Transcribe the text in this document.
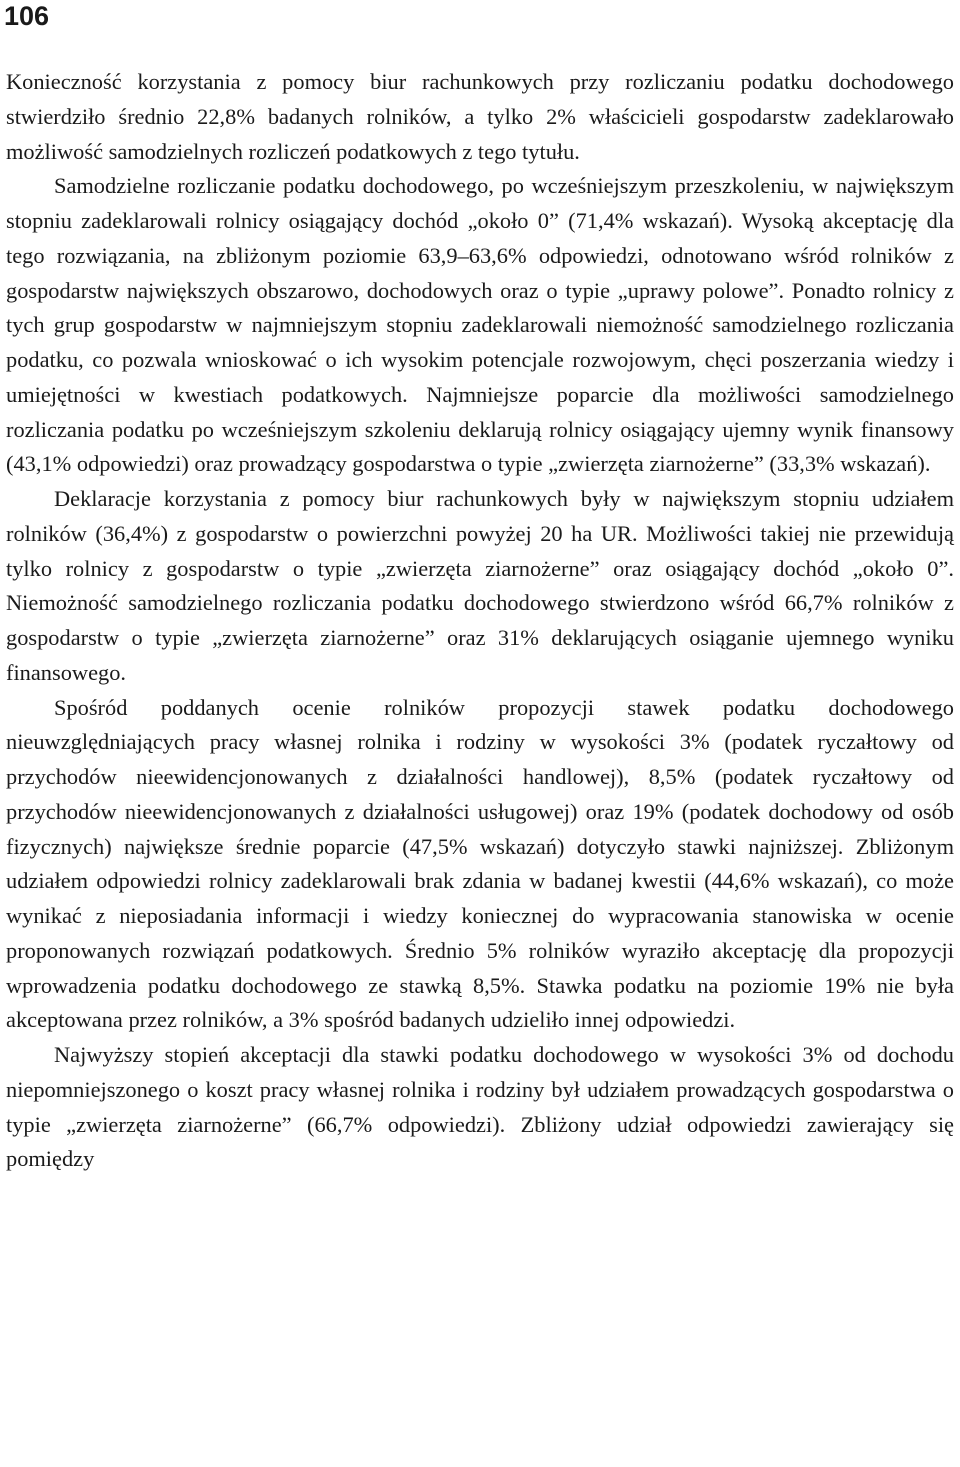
106

Konieczność korzystania z pomocy biur rachunkowych przy rozliczaniu podatku dochodowego stwierdziło średnio 22,8% badanych rolników, a tylko 2% właścicieli gospodarstw zadeklarowało możliwość samodzielnych rozliczeń podatkowych z tego tytułu.

Samodzielne rozliczanie podatku dochodowego, po wcześniejszym przeszkoleniu, w największym stopniu zadeklarowali rolnicy osiągający dochód „około 0” (71,4% wskazań). Wysoką akceptację dla tego rozwiązania, na zbliżonym poziomie 63,9–63,6% odpowiedzi, odnotowano wśród rolników z gospodarstw największych obszarowo, dochodowych oraz o typie „uprawy polowe”. Ponadto rolnicy z tych grup gospodarstw w najmniejszym stopniu zadeklarowali niemożność samodzielnego rozliczania podatku, co pozwala wnioskować o ich wysokim potencjale rozwojowym, chęci poszerzania wiedzy i umiejętności w kwestiach podatkowych. Najmniejsze poparcie dla możliwości samodzielnego rozliczania podatku po wcześniejszym szkoleniu deklarują rolnicy osiągający ujemny wynik finansowy (43,1% odpowiedzi) oraz prowadzący gospodarstwa o typie „zwierzęta ziarnożerne” (33,3% wskazań).

Deklaracje korzystania z pomocy biur rachunkowych były w największym stopniu udziałem rolników (36,4%) z gospodarstw o powierzchni powyżej 20 ha UR. Możliwości takiej nie przewidują tylko rolnicy z gospodarstw o typie „zwierzęta ziarnożerne” oraz osiągający dochód „około 0”. Niemożność samodzielnego rozliczania podatku dochodowego stwierdzono wśród 66,7% rolników z gospodarstw o typie „zwierzęta ziarnożerne” oraz 31% deklarujących osiąganie ujemnego wyniku finansowego.

Spośród poddanych ocenie rolników propozycji stawek podatku dochodowego nieuwzględniających pracy własnej rolnika i rodziny w wysokości 3% (podatek ryczałtowy od przychodów nieewidencjonowanych z działalności handlowej), 8,5% (podatek ryczałtowy od przychodów nieewidencjonowanych z działalności usługowej) oraz 19% (podatek dochodowy od osób fizycznych) największe średnie poparcie (47,5% wskazań) dotyczyło stawki najniższej. Zbliżonym udziałem odpowiedzi rolnicy zadeklarowali brak zdania w badanej kwestii (44,6% wskazań), co może wynikać z nieposiadania informacji i wiedzy koniecznej do wypracowania stanowiska w ocenie proponowanych rozwiązań podatkowych. Średnio 5% rolników wyraziło akceptację dla propozycji wprowadzenia podatku dochodowego ze stawką 8,5%. Stawka podatku na poziomie 19% nie była akceptowana przez rolników, a 3% spośród badanych udzieliło innej odpowiedzi.

Najwyższy stopień akceptacji dla stawki podatku dochodowego w wysokości 3% od dochodu niepomniejszonego o koszt pracy własnej rolnika i rodziny był udziałem prowadzących gospodarstwa o typie „zwierzęta ziarnożerne” (66,7% odpowiedzi). Zbliżony udział odpowiedzi zawierający się pomiędzy
